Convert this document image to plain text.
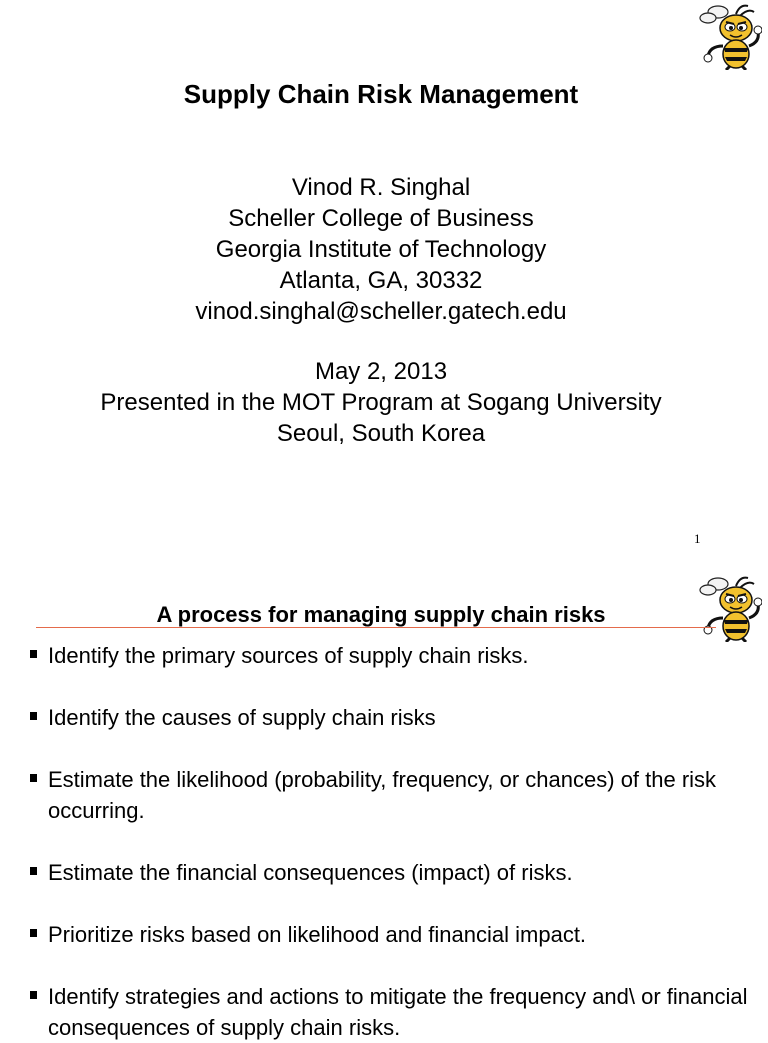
Supply Chain Risk Management
Vinod R. Singhal
Scheller College of Business
Georgia Institute of Technology
Atlanta, GA, 30332
vinod.singhal@scheller.gatech.edu
May 2, 2013
Presented in the MOT Program at Sogang University
Seoul, South Korea
1
A process for managing supply chain risks
Identify the primary sources of supply chain risks.
Identify the causes of supply chain risks
Estimate the likelihood (probability, frequency, or chances) of the risk occurring.
Estimate the financial consequences (impact) of risks.
Prioritize risks based on likelihood and financial impact.
Identify strategies and actions to mitigate the frequency and\ or financial consequences of supply chain risks.
